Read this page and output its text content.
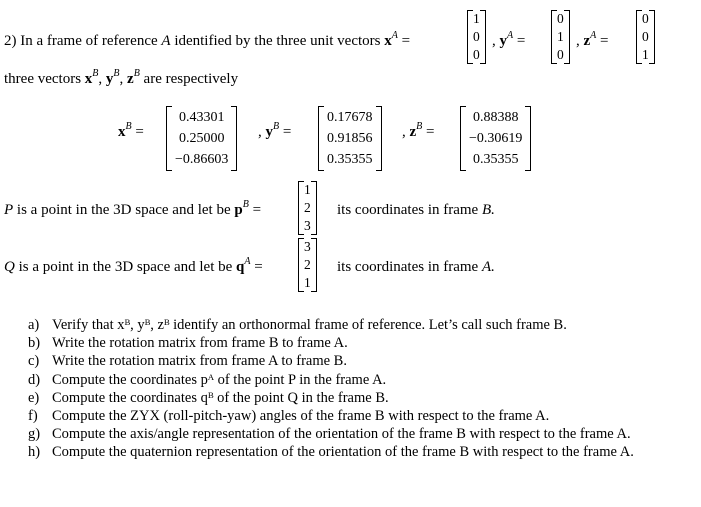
2) In a frame of reference A identified by the three unit vectors $x^A$ =
1
0
0
, $y^A$ =
0
1
0
, $z^A$ =
0
0
1
three vectors $x^B$, $y^B$, $z^B$ are respectively
$x^B$ =
0.43301
0.25000
−0.86603
, $y^B$ =
0.17678
0.91856
0.35355
, $z^B$ =
0.88388
−0.30619
0.35355
P is a point in the 3D space and let be $p^B$ =
1
2
3
its coordinates in frame B.
Q is a point in the 3D space and let be $q^A$ =
3
2
1
its coordinates in frame A.
a) Verify that xᴮ, yᴮ, zᴮ identify an orthonormal frame of reference. Let’s call such frame B.
b) Write the rotation matrix from frame B to frame A.
c) Write the rotation matrix from frame A to frame B.
d) Compute the coordinates pᴬ of the point P in the frame A.
e) Compute the coordinates qᴮ of the point Q in the frame B.
f) Compute the ZYX (roll-pitch-yaw) angles of the frame B with respect to the frame A.
g) Compute the axis/angle representation of the orientation of the frame B with respect to the frame A.
h) Compute the quaternion representation of the orientation of the frame B with respect to the frame A.
